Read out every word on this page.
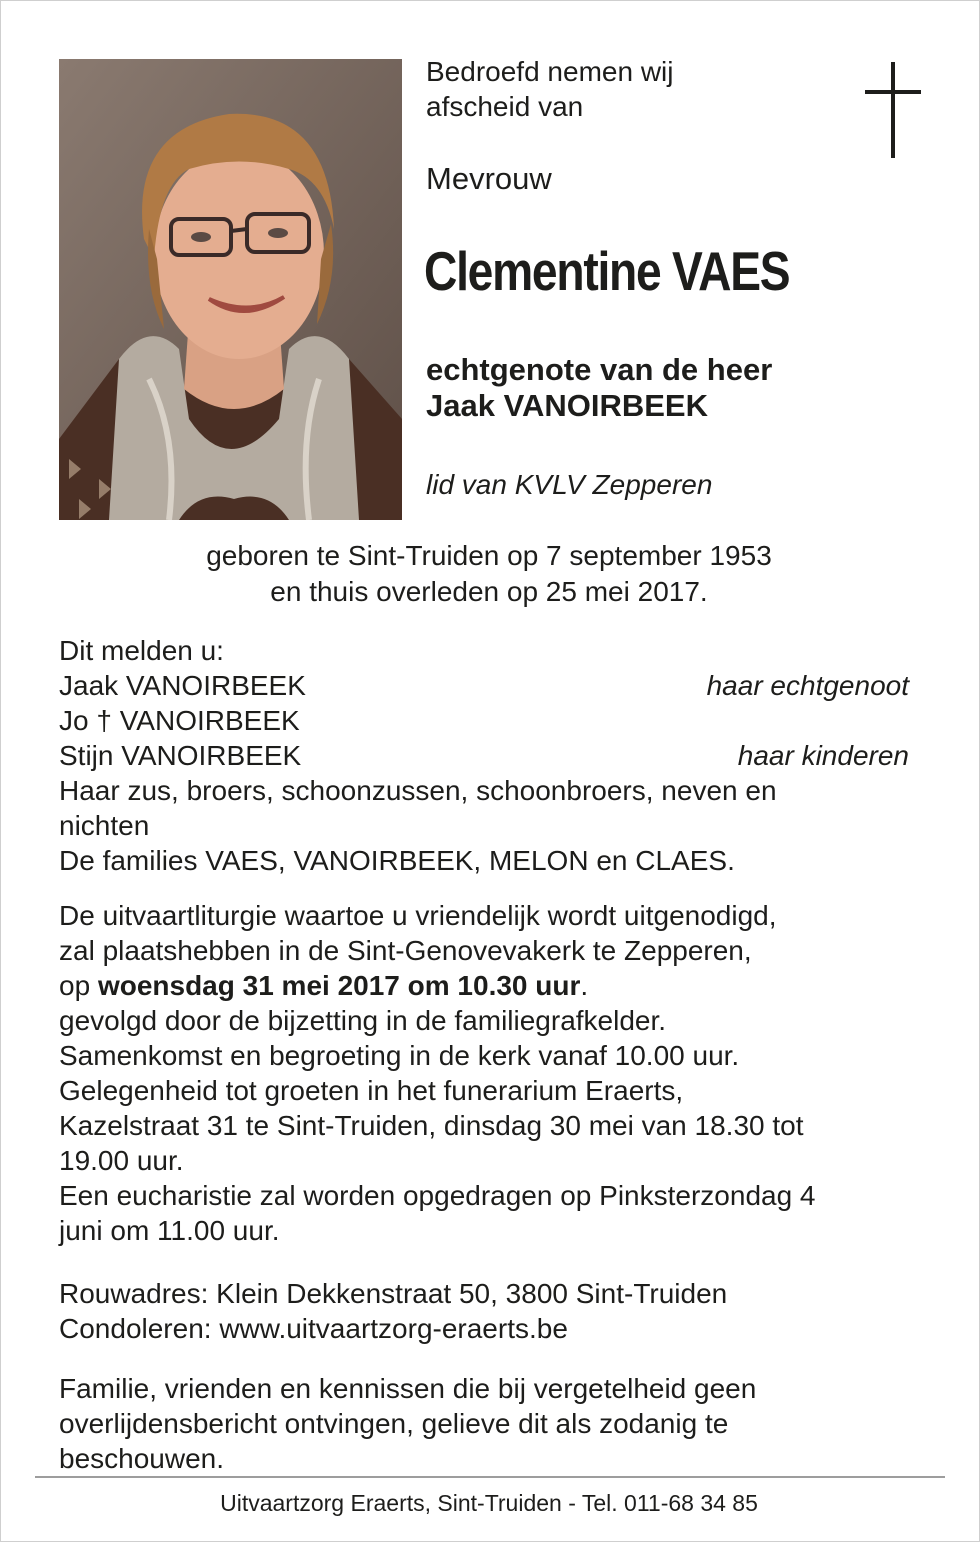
Bedroefd nemen wij

afscheid van

Mevrouw
Clementine VAES

echtgenote van de heer

Jaak VANOIRBEEK

lid van KVLV Zepperen

geboren te Sint-Truiden op 7 september 1953

en thuis overleden op 25 mei 2017.

Dit melden u:

Jaak VANOIRBEEK	haar echtgenoot
Jo † VANOIRBEEK
Stijn VANOIRBEEK	haar kinderen

Haar zus, broers, schoonzussen, schoonbroers, neven en

nichten

De families VAES, VANOIRBEEK, MELON en CLAES.

De uitvaartliturgie waartoe u vriendelijk wordt uitgenodigd,

zal plaatshebben in de Sint-Genovevakerk te Zepperen,

op woensdag 31 mei 2017 om 10.30 uur.

gevolgd door de bijzetting in de familiegrafkelder.

Samenkomst en begroeting in de kerk vanaf 10.00 uur.

Gelegenheid tot groeten in het funerarium Eraerts,

Kazelstraat 31 te Sint-Truiden, dinsdag 30 mei van 18.30 tot

19.00 uur.

Een eucharistie zal worden opgedragen op Pinksterzondag 4

juni om 11.00 uur.

Rouwadres: Klein Dekkenstraat 50, 3800 Sint-Truiden

Condoleren: www.uitvaartzorg-eraerts.be

Familie, vrienden en kennissen die bij vergetelheid geen

overlijdensbericht ontvingen, gelieve dit als zodanig te

beschouwen.

Uitvaartzorg Eraerts, Sint-Truiden - Tel. 011-68 34 85
